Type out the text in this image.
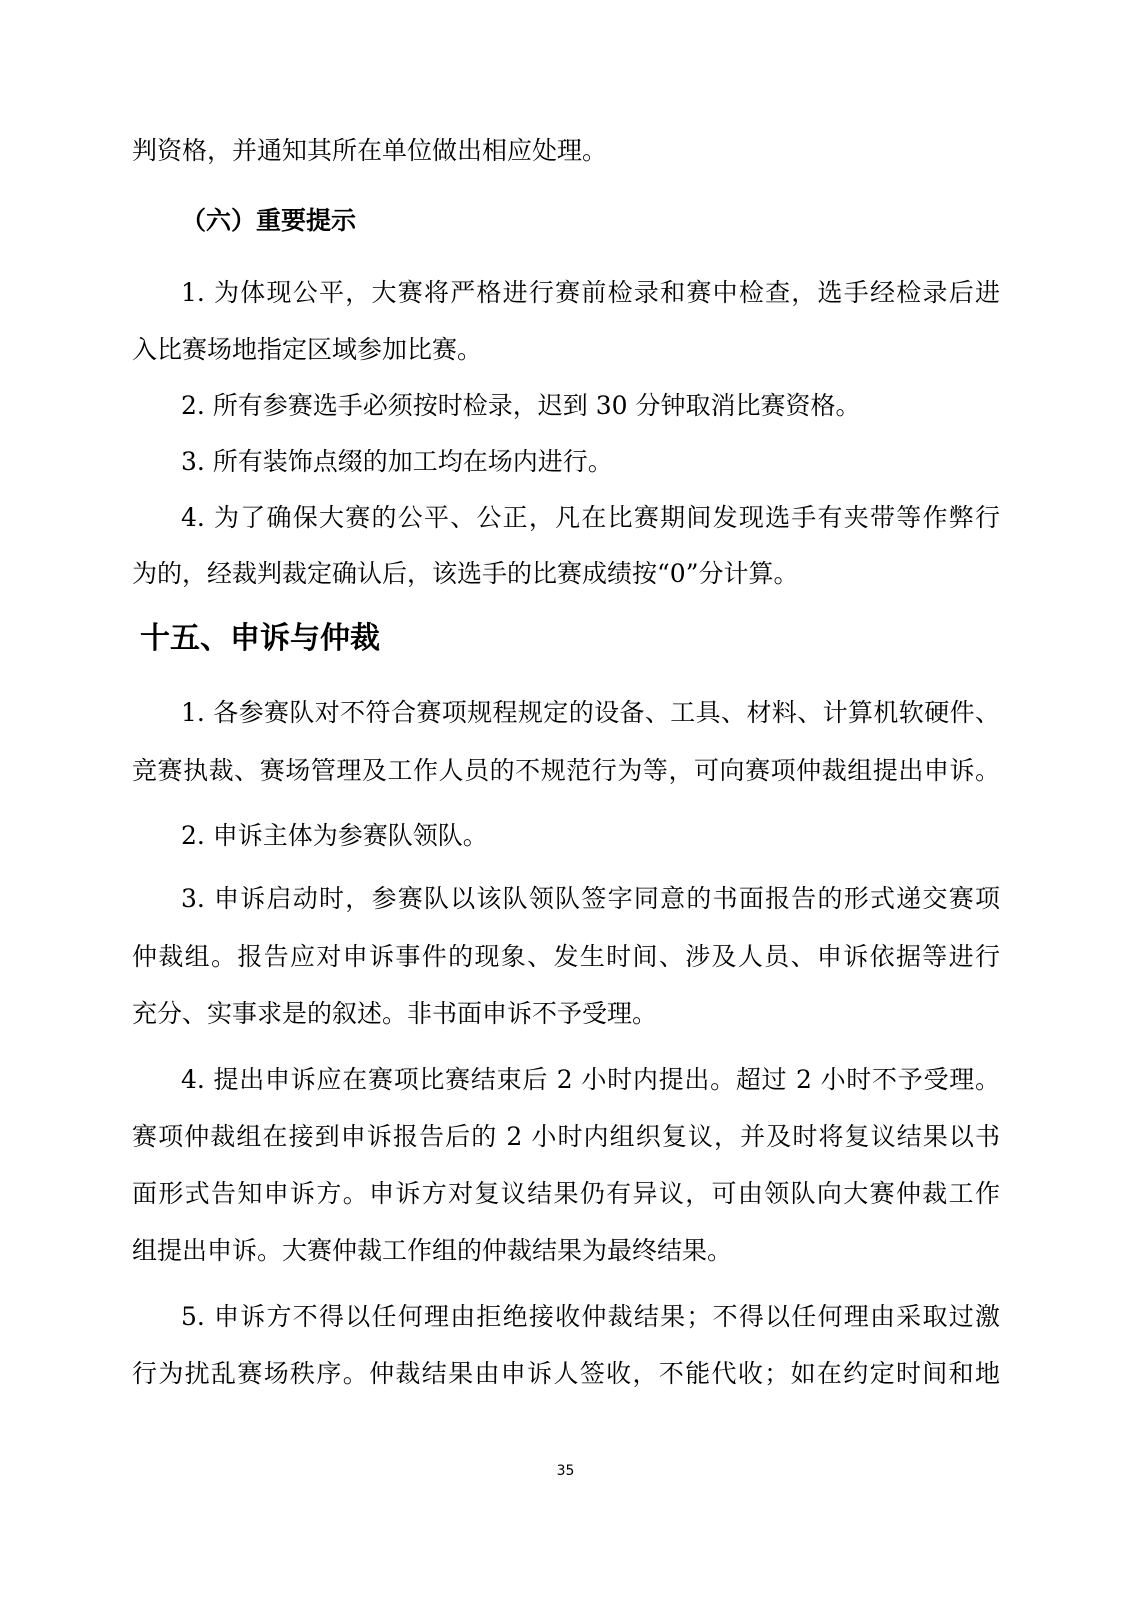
判资格，并通知其所在单位做出相应处理。
（六）重要提示
1. 为体现公平，大赛将严格进行赛前检录和赛中检查，选手经检录后进
入比赛场地指定区域参加比赛。
2. 所有参赛选手必须按时检录，迟到 30 分钟取消比赛资格。
3. 所有装饰点缀的加工均在场内进行。
4. 为了确保大赛的公平、公正，凡在比赛期间发现选手有夹带等作弊行
为的，经裁判裁定确认后，该选手的比赛成绩按“0”分计算。
十五、申诉与仲裁
1. 各参赛队对不符合赛项规程规定的设备、工具、材料、计算机软硬件、
竞赛执裁、赛场管理及工作人员的不规范行为等，可向赛项仲裁组提出申诉。
2. 申诉主体为参赛队领队。
3. 申诉启动时，参赛队以该队领队签字同意的书面报告的形式递交赛项
仲裁组。报告应对申诉事件的现象、发生时间、涉及人员、申诉依据等进行
充分、实事求是的叙述。非书面申诉不予受理。
4. 提出申诉应在赛项比赛结束后 2 小时内提出。超过 2 小时不予受理。
赛项仲裁组在接到申诉报告后的 2 小时内组织复议，并及时将复议结果以书
面形式告知申诉方。申诉方对复议结果仍有异议，可由领队向大赛仲裁工作
组提出申诉。大赛仲裁工作组的仲裁结果为最终结果。
5. 申诉方不得以任何理由拒绝接收仲裁结果；不得以任何理由采取过激
行为扰乱赛场秩序。仲裁结果由申诉人签收，不能代收；如在约定时间和地
35
